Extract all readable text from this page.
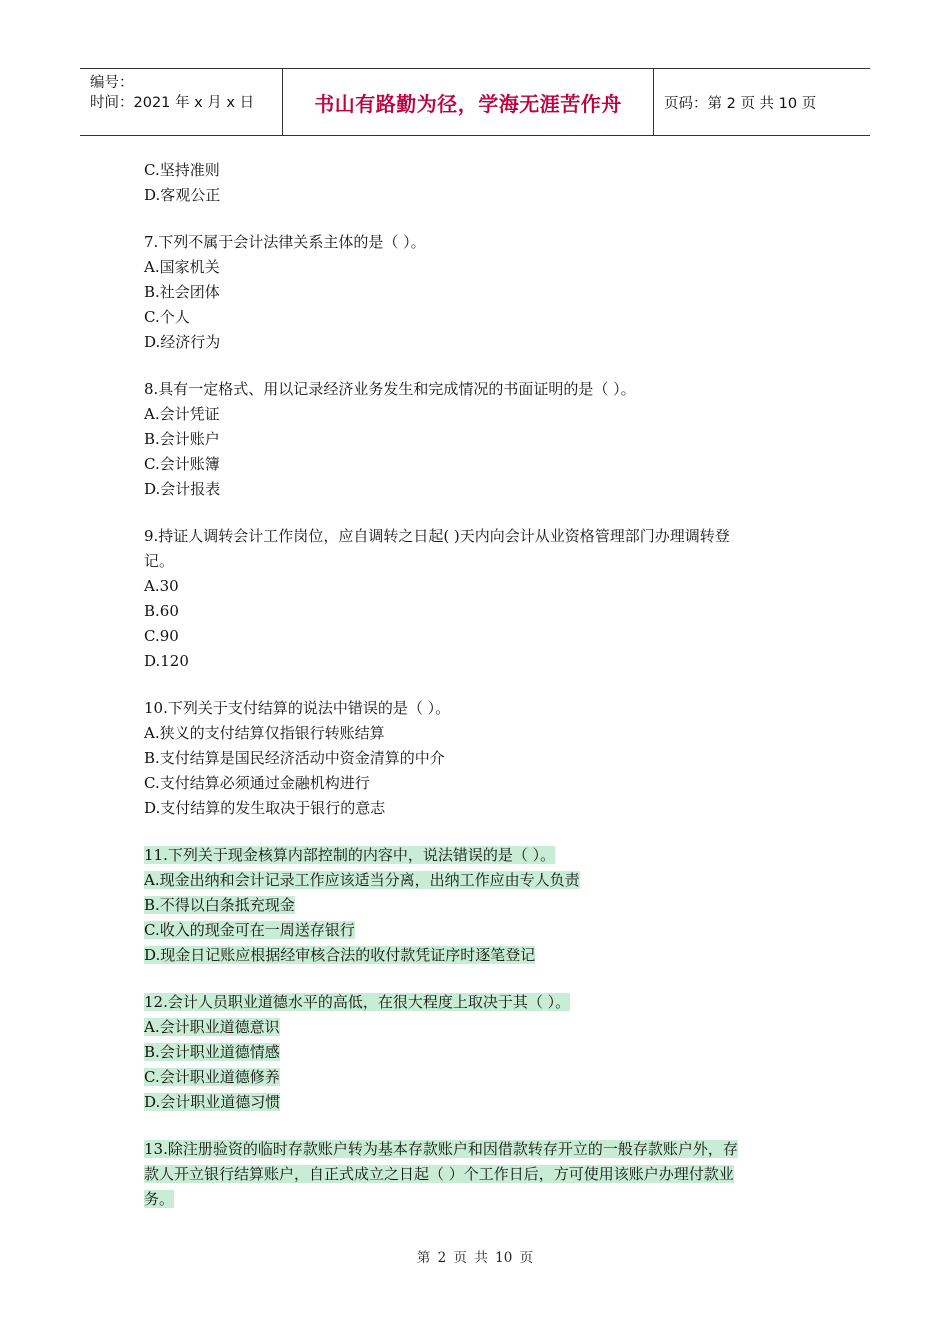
编号：
时间：2021 年 x 月 x 日	书山有路勤为径，学海无涯苦作舟	页码：第 2 页 共 10 页
C.坚持准则
D.客观公正
7.下列不属于会计法律关系主体的是（ ）。
A.国家机关
B.社会团体
C.个人
D.经济行为
8.具有一定格式、用以记录经济业务发生和完成情况的书面证明的是（ ）。
A.会计凭证
B.会计账户
C.会计账簿
D.会计报表
9.持证人调转会计工作岗位，应自调转之日起( )天内向会计从业资格管理部门办理调转登
记。
A.30
B.60
C.90
D.120
10.下列关于支付结算的说法中错误的是（ ）。
A.狭义的支付结算仅指银行转账结算
B.支付结算是国民经济活动中资金清算的中介
C.支付结算必须通过金融机构进行
D.支付结算的发生取决于银行的意志
11.下列关于现金核算内部控制的内容中，说法错误的是（ ）。
A.现金出纳和会计记录工作应该适当分离，出纳工作应由专人负责
B.不得以白条抵充现金
C.收入的现金可在一周送存银行
D.现金日记账应根据经审核合法的收付款凭证序时逐笔登记
12.会计人员职业道德水平的高低，在很大程度上取决于其（ ）。
A.会计职业道德意识
B.会计职业道德情感
C.会计职业道德修养
D.会计职业道德习惯
13.除注册验资的临时存款账户转为基本存款账户和因借款转存开立的一般存款账户外，存
款人开立银行结算账户，自正式成立之日起（ ）个工作日后，方可使用该账户办理付款业
务。
第 2 页 共 10 页
